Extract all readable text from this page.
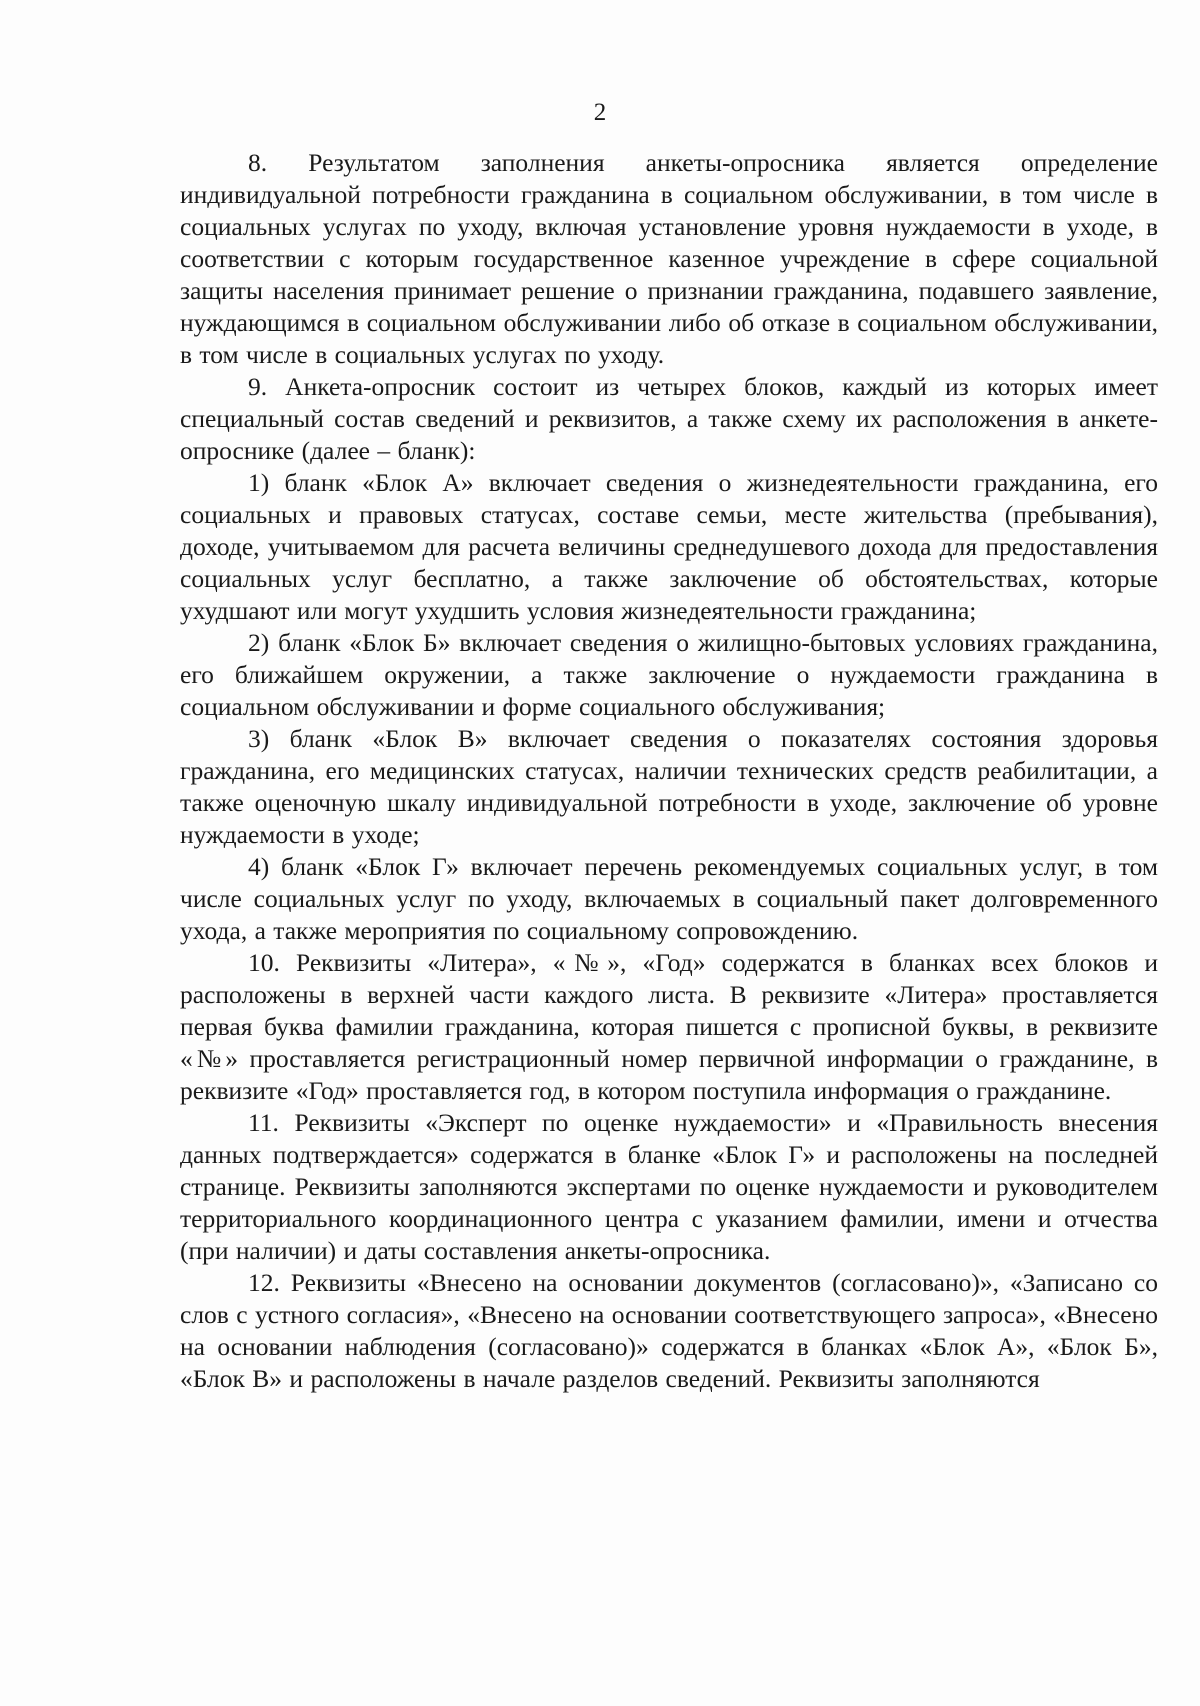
2

8. Результатом заполнения анкеты-опросника является определение индивидуальной потребности гражданина в социальном обслуживании, в том числе в социальных услугах по уходу, включая установление уровня нуждаемости в уходе, в соответствии с которым государственное казенное учреждение в сфере социальной защиты населения принимает решение о признании гражданина, подавшего заявление, нуждающимся в социальном обслуживании либо об отказе в социальном обслуживании, в том числе в социальных услугах по уходу.

9. Анкета-опросник состоит из четырех блоков, каждый из которых имеет специальный состав сведений и реквизитов, а также схему их расположения в анкете-опроснике (далее – бланк):

1) бланк «Блок А» включает сведения о жизнедеятельности гражданина, его социальных и правовых статусах, составе семьи, месте жительства (пребывания), доходе, учитываемом для расчета величины среднедушевого дохода для предоставления социальных услуг бесплатно, а также заключение об обстоятельствах, которые ухудшают или могут ухудшить условия жизнедеятельности гражданина;

2) бланк «Блок Б» включает сведения о жилищно-бытовых условиях гражданина, его ближайшем окружении, а также заключение о нуждаемости гражданина в социальном обслуживании и форме социального обслуживания;

3) бланк «Блок В» включает сведения о показателях состояния здоровья гражданина, его медицинских статусах, наличии технических средств реабилитации, а также оценочную шкалу индивидуальной потребности в уходе, заключение об уровне нуждаемости в уходе;

4) бланк «Блок Г» включает перечень рекомендуемых социальных услуг, в том числе социальных услуг по уходу, включаемых в социальный пакет долговременного ухода, а также мероприятия по социальному сопровождению.

10. Реквизиты «Литера», «№», «Год» содержатся в бланках всех блоков и расположены в верхней части каждого листа. В реквизите «Литера» проставляется первая буква фамилии гражданина, которая пишется с прописной буквы, в реквизите «№» проставляется регистрационный номер первичной информации о гражданине, в реквизите «Год» проставляется год, в котором поступила информация о гражданине.

11. Реквизиты «Эксперт по оценке нуждаемости» и «Правильность внесения данных подтверждается» содержатся в бланке «Блок Г» и расположены на последней странице. Реквизиты заполняются экспертами по оценке нуждаемости и руководителем территориального координационного центра с указанием фамилии, имени и отчества (при наличии) и даты составления анкеты-опросника.

12. Реквизиты «Внесено на основании документов (согласовано)», «Записано со слов с устного согласия», «Внесено на основании соответствующего запроса», «Внесено на основании наблюдения (согласовано)» содержатся в бланках «Блок А», «Блок Б», «Блок В» и расположены в начале разделов сведений. Реквизиты заполняются
